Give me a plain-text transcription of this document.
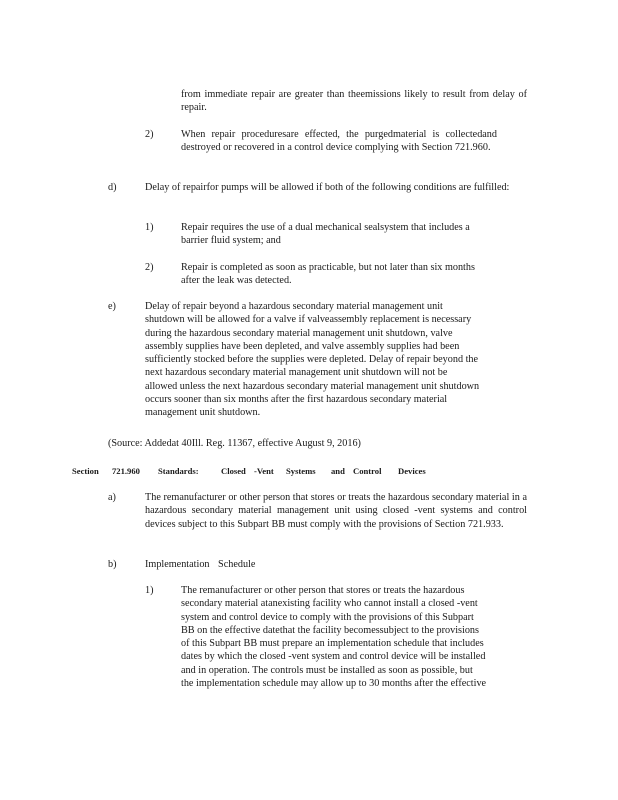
from immediate repair are greater than theemissions likely to result from delay of repair.
2)	When repair proceduresare effected, the purgedmaterial is collectedand destroyed or recovered in a control device complying with Section 721.960.
d)	Delay of repairfor pumps will be allowed if both of the following conditions are fulfilled:
1)	Repair requires the use of a dual mechanical sealsystem that includes a
barrier fluid system; and
2)	Repair is completed as soon as practicable, but not later than six months
after the leak was detected.
e)	Delay of repair beyond a hazardous secondary material management unit
shutdown will be allowed for a valve if valveassembly replacement is necessary
during the hazardous secondary material management unit shutdown, valve
assembly supplies have been depleted, and valve assembly supplies had been
sufficiently stocked before the supplies were depleted. Delay of repair beyond the
next hazardous secondary material management unit shutdown will not be
allowed unless the next hazardous secondary material management unit shutdown
occurs sooner than six months after the first hazardous secondary material
management unit shutdown.
(Source: Addedat 40Ill. Reg. 11367, effective August 9, 2016)
Section 721.960 Standards:	Closed -Vent Systems and Control Devices
a)	The remanufacturer or other person that stores or treats the hazardous secondary material in a hazardous secondary material management unit using closed -vent systems and control devices subject to this Subpart BB must comply with the provisions of Section 721.933.
b)	Implementation Schedule
1)	The remanufacturer or other person that stores or treats the hazardous
secondary material atanexisting facility who cannot install a closed -vent
system and control device to comply with the provisions of this Subpart
BB on the effective datethat the facility becomessubject to the provisions
of this Subpart BB must prepare an implementation schedule that includes
dates by which the closed -vent system and control device will be installed
and in operation. The controls must be installed as soon as possible, but
the implementation schedule may allow up to 30 months after the effective
